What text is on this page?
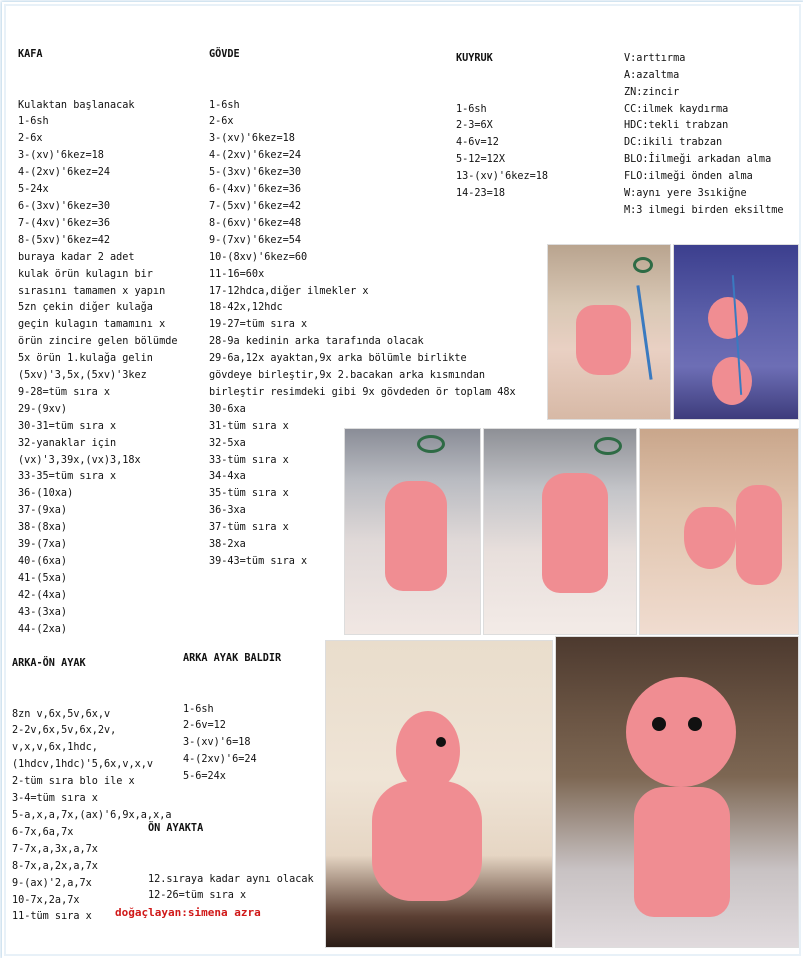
KAFA

Kulaktan başlanacak
1-6sh
2-6x
3-(xv)'6kez=18
4-(2xv)'6kez=24
5-24x
6-(3xv)'6kez=30
7-(4xv)'6kez=36
8-(5xv)'6kez=42
buraya kadar 2 adet
kulak örün kulagın bir
sırasını tamamen x yapın
5zn çekin diğer kulağa
geçin kulagın tamamını x
örün zincire gelen bölümde
5x örün 1.kulağa gelin
(5xv)'3,5x,(5xv)'3kez
9-28=tüm sıra x
29-(9xv)
30-31=tüm sıra x
32-yanaklar için
(vx)'3,39x,(vx)3,18x
33-35=tüm sıra x
36-(10xa)
37-(9xa)
38-(8xa)
39-(7xa)
40-(6xa)
41-(5xa)
42-(4xa)
43-(3xa)
44-(2xa)

GÖVDE

1-6sh
2-6x
3-(xv)'6kez=18
4-(2xv)'6kez=24
5-(3xv)'6kez=30
6-(4xv)'6kez=36
7-(5xv)'6kez=42
8-(6xv)'6kez=48
9-(7xv)'6kez=54
10-(8xv)'6kez=60
11-16=60x
17-12hdca,diğer ilmekler x
18-42x,12hdc
19-27=tüm sıra x
28-9a kedinin arka tarafında olacak
29-6a,12x ayaktan,9x arka bölümle birlikte
gövdeye birleştir,9x 2.bacakan arka kısmından
birleştir resimdeki gibi 9x gövdeden ör toplam 48x
30-6xa
31-tüm sıra x
32-5xa
33-tüm sıra x
34-4xa
35-tüm sıra x
36-3xa
37-tüm sıra x
38-2xa
39-43=tüm sıra x

KUYRUK

1-6sh
2-3=6X
4-6v=12
5-12=12X
13-(xv)'6kez=18
14-23=18

V:arttırma
A:azaltma
ZN:zincir
CC:ilmek kaydırma
HDC:tekli trabzan
DC:ikili trabzan
BLO:İilmeği arkadan alma
FLO:ilmeği önden alma
W:aynı yere 3sıkiğne
M:3 ilmegi birden eksiltme

ARKA-ÖN AYAK

8zn v,6x,5v,6x,v
2-2v,6x,5v,6x,2v,
v,x,v,6x,1hdc,
(1hdcv,1hdc)'5,6x,v,x,v
2-tüm sıra blo ile x
3-4=tüm sıra x
5-a,x,a,7x,(ax)'6,9x,a,x,a
6-7x,6a,7x
7-7x,a,3x,a,7x
8-7x,a,2x,a,7x
9-(ax)'2,a,7x
10-7x,2a,7x
11-tüm sıra x

ARKA AYAK BALDIR

1-6sh
2-6v=12
3-(xv)'6=18
4-(2xv)'6=24
5-6=24x

ÖN AYAKTA

12.sıraya kadar aynı olacak
12-26=tüm sıra x

doğaçlayan:simena azra
